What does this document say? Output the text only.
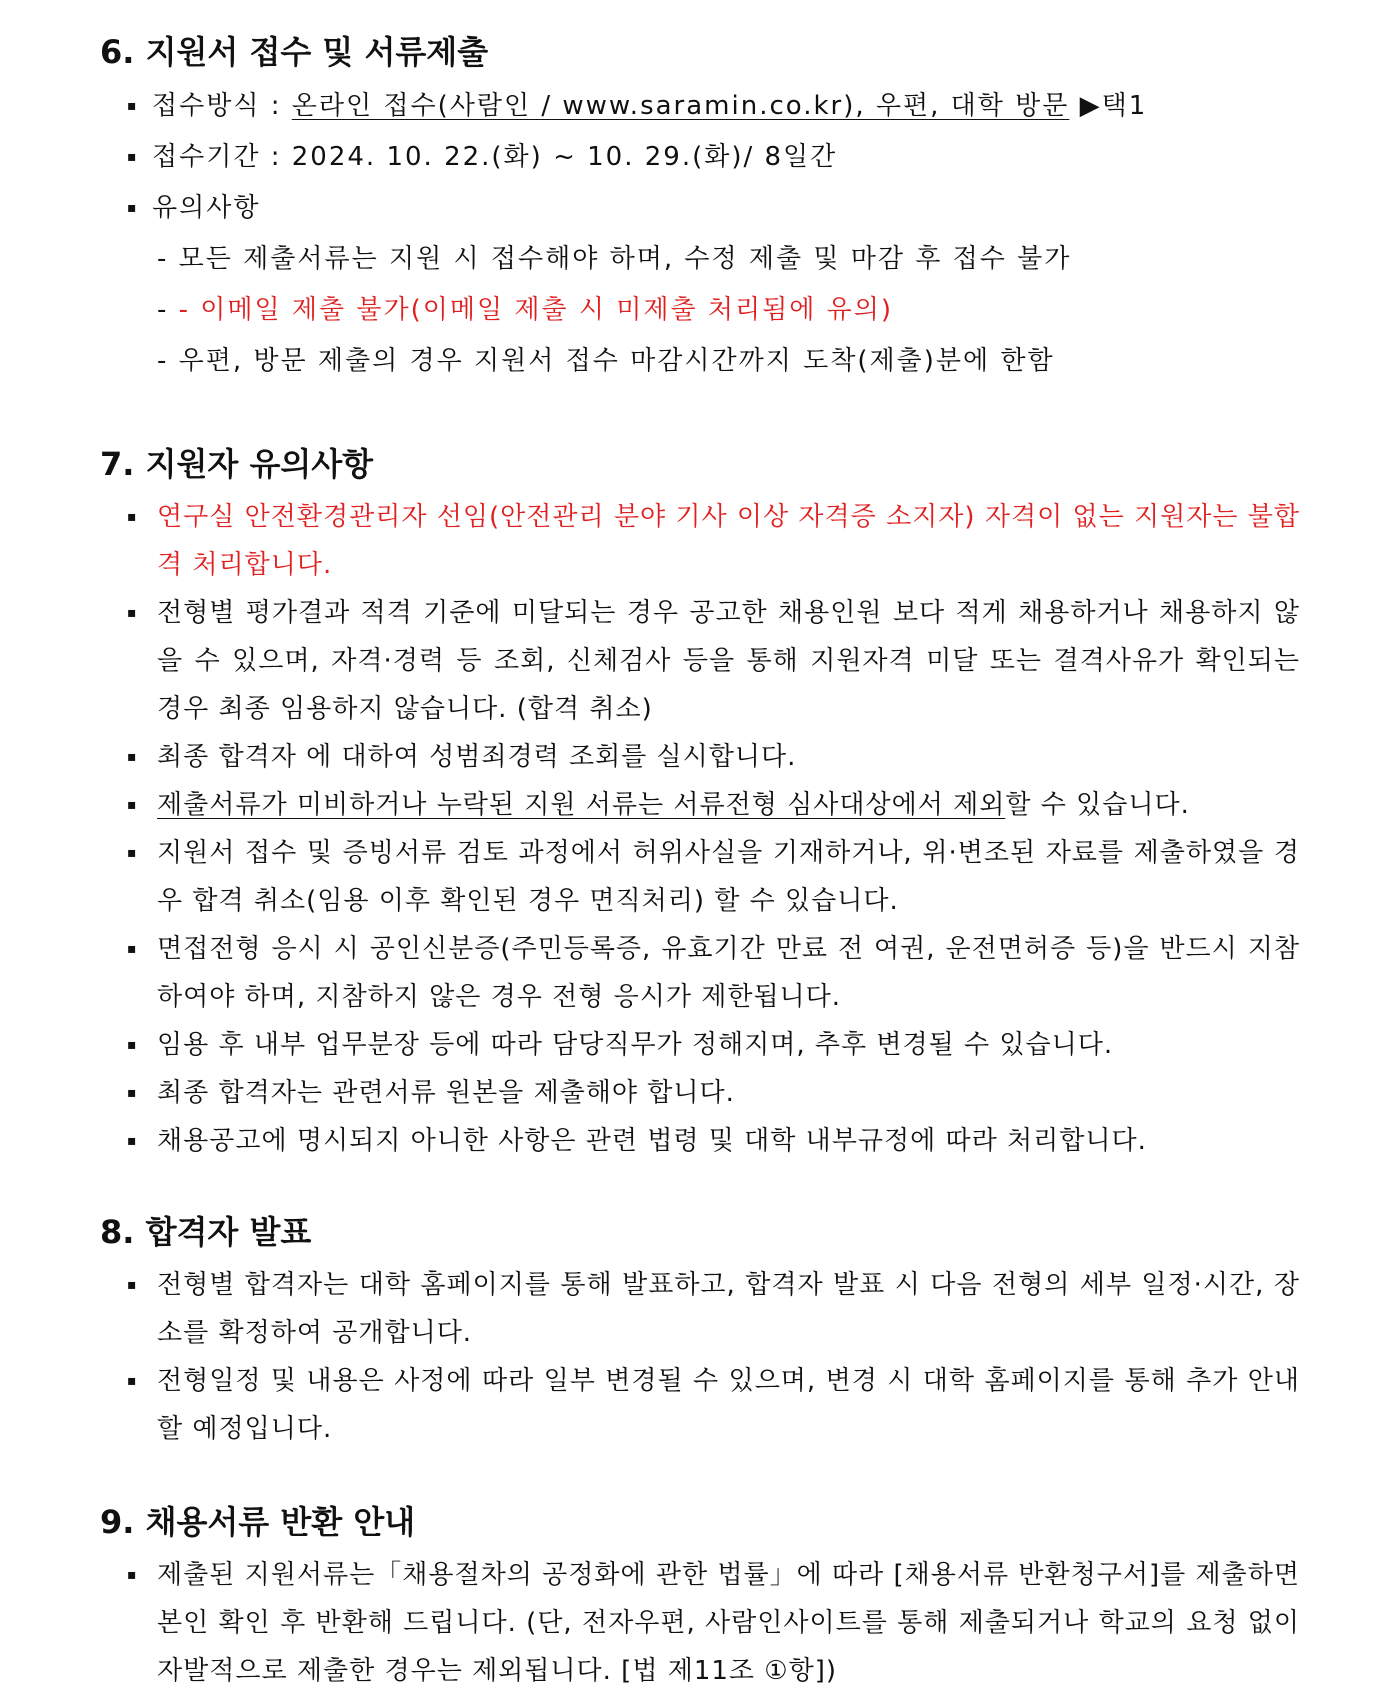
6. 지원서 접수 및 서류제출
▪ 접수방식 : 온라인 접수(사람인 / www.saramin.co.kr), 우편, 대학 방문 ▶택1
▪ 접수기간 : 2024. 10. 22.(화) ~ 10. 29.(화)/ 8일간
▪ 유의사항
- 모든 제출서류는 지원 시 접수해야 하며, 수정 제출 및 마감 후 접수 불가
- - 이메일 제출 불가(이메일 제출 시 미제출 처리됨에 유의)
- 우편, 방문 제출의 경우 지원서 접수 마감시간까지 도착(제출)분에 한함
7. 지원자 유의사항
▪ 연구실 안전환경관리자 선임(안전관리 분야 기사 이상 자격증 소지자) 자격이 없는 지원자는 불합격 처리합니다.
▪ 전형별 평가결과 적격 기준에 미달되는 경우 공고한 채용인원 보다 적게 채용하거나 채용하지 않을 수 있으며, 자격·경력 등 조회, 신체검사 등을 통해 지원자격 미달 또는 결격사유가 확인되는 경우 최종 임용하지 않습니다. (합격 취소)
▪ 최종 합격자 에 대하여 성범죄경력 조회를 실시합니다.
▪ 제출서류가 미비하거나 누락된 지원 서류는 서류전형 심사대상에서 제외할 수 있습니다.
▪ 지원서 접수 및 증빙서류 검토 과정에서 허위사실을 기재하거나, 위·변조된 자료를 제출하였을 경우 합격 취소(임용 이후 확인된 경우 면직처리) 할 수 있습니다.
▪ 면접전형 응시 시 공인신분증(주민등록증, 유효기간 만료 전 여권, 운전면허증 등)을 반드시 지참하여야 하며, 지참하지 않은 경우 전형 응시가 제한됩니다.
▪ 임용 후 내부 업무분장 등에 따라 담당직무가 정해지며, 추후 변경될 수 있습니다.
▪ 최종 합격자는 관련서류 원본을 제출해야 합니다.
▪ 채용공고에 명시되지 아니한 사항은 관련 법령 및 대학 내부규정에 따라 처리합니다.
8. 합격자 발표
▪ 전형별 합격자는 대학 홈페이지를 통해 발표하고, 합격자 발표 시 다음 전형의 세부 일정·시간, 장소를 확정하여 공개합니다.
▪ 전형일정 및 내용은 사정에 따라 일부 변경될 수 있으며, 변경 시 대학 홈페이지를 통해 추가 안내할 예정입니다.
9. 채용서류 반환 안내
▪ 제출된 지원서류는「채용절차의 공정화에 관한 법률」에 따라 [채용서류 반환청구서]를 제출하면 본인 확인 후 반환해 드립니다. (단, 전자우편, 사람인사이트를 통해 제출되거나 학교의 요청 없이 자발적으로 제출한 경우는 제외됩니다. [법 제11조 ①항])
